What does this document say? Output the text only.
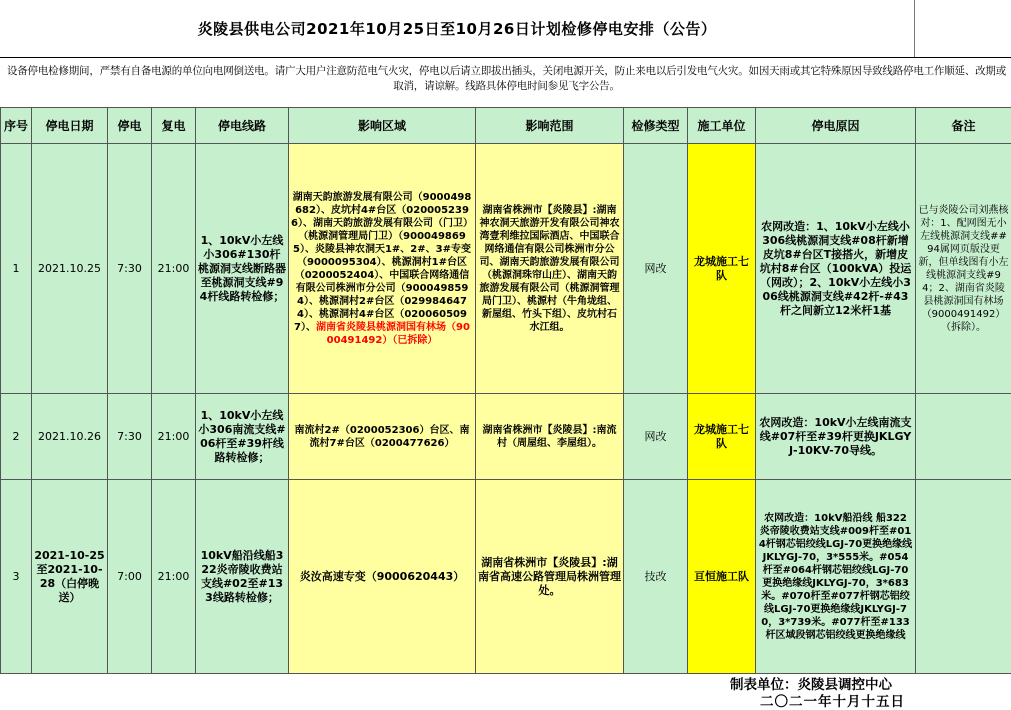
炎陵县供电公司2021年10月25日至10月26日计划检修停电安排（公告）
设备停电检修期间，严禁有自备电源的单位向电网倒送电。请广大用户注意防范电气火灾，停电以后请立即拔出插头，关闭电源开关，防止来电以后引发电气火灾。如因天雨或其它特殊原因导致线路停电工作顺延、改期或取消，请谅解。线路具体停电时间参见飞字公告。
序号	停电日期	停电	复电	停电线路	影响区域	影响范围	检修类型	施工单位	停电原因	备注
1	2021.10.25	7:30	21:00	1、10kV小左线小306#130杆桃源洞支线断路器至桃源洞支线#94杆线路转检修；	湖南天韵旅游发展有限公司（9000498682）、皮坑村4#台区（0200052396）、湖南天韵旅游发展有限公司（门卫）（桃源洞管理局门卫）（9000498695）、炎陵县神农洞天1#、2#、3#专变（9000095304）、桃源洞村1#台区（0200052404）、中国联合网络通信有限公司株洲市分公司（9000498594）、桃源洞村2#台区（0299846474）、桃源洞村4#台区（0200605097）、湖南省炎陵县桃源洞国有林场（9000491492）（已拆除）	湖南省株洲市【炎陵县】:湖南神农洞天旅游开发有限公司神农湾壹利维拉国际酒店、中国联合网络通信有限公司株洲市分公司、湖南天韵旅游发展有限公司（桃源洞珠帘山庄）、湖南天韵旅游发展有限公司（桃源洞管理局门卫）、桃源村（牛角垅组、新屋组、竹头下组）、皮坑村石水江组。	网改	龙城施工七队	农网改造：1、10kV小左线小306线桃源洞支线#08杆新增皮坑8#台区T接搭火，新增皮坑村8#台区（100kVA）投运（网改）；2、10kV小左线小306线桃源洞支线#42杆-#43杆之间新立12米杆1基	已与炎陵公司刘燕核对：1、配网图无小左线桃源洞支线##94属网页版没更新，但单线图有小左线桃源洞支线#94；2、湖南省炎陵县桃源洞国有林场（9000491492）（拆除）。
2	2021.10.26	7:30	21:00	1、10kV小左线小306南流支线#06杆至#39杆线路转检修；	南流村2#（0200052306）台区、南流村7#台区（0200477626）	湖南省株洲市【炎陵县】:南流村（周屋组、李屋组）。	网改	龙城施工七队	农网改造：10kV小左线南流支线#07杆至#39杆更换JKLGYJ-10KV-70导线。	
3	2021-10-25至2021-10-28（白停晚送）	7:00	21:00	10kV船沿线船322炎帝陵收费站支线#02至#133线路转检修；	炎汝高速专变（9000620443）	湖南省株洲市【炎陵县】:湖南省高速公路管理局株洲管理处。	技改	亘恒施工队	农网改造：10kV船沿线 船322 炎帝陵收费站支线#009杆至#014杆钢芯铝绞线LGJ-70更换绝缘线JKLYGJ-70，3*555米。#054杆至#064杆钢芯铝绞线LGJ-70更换绝缘线JKLYGJ-70，3*683米。#070杆至#077杆钢芯铝绞线LGJ-70更换绝缘线JKLYGJ-70，3*739米。#077杆至#133杆区域段钢芯铝绞线更换绝缘线	
制表单位：炎陵县调控中心
二〇二一年十月十五日
